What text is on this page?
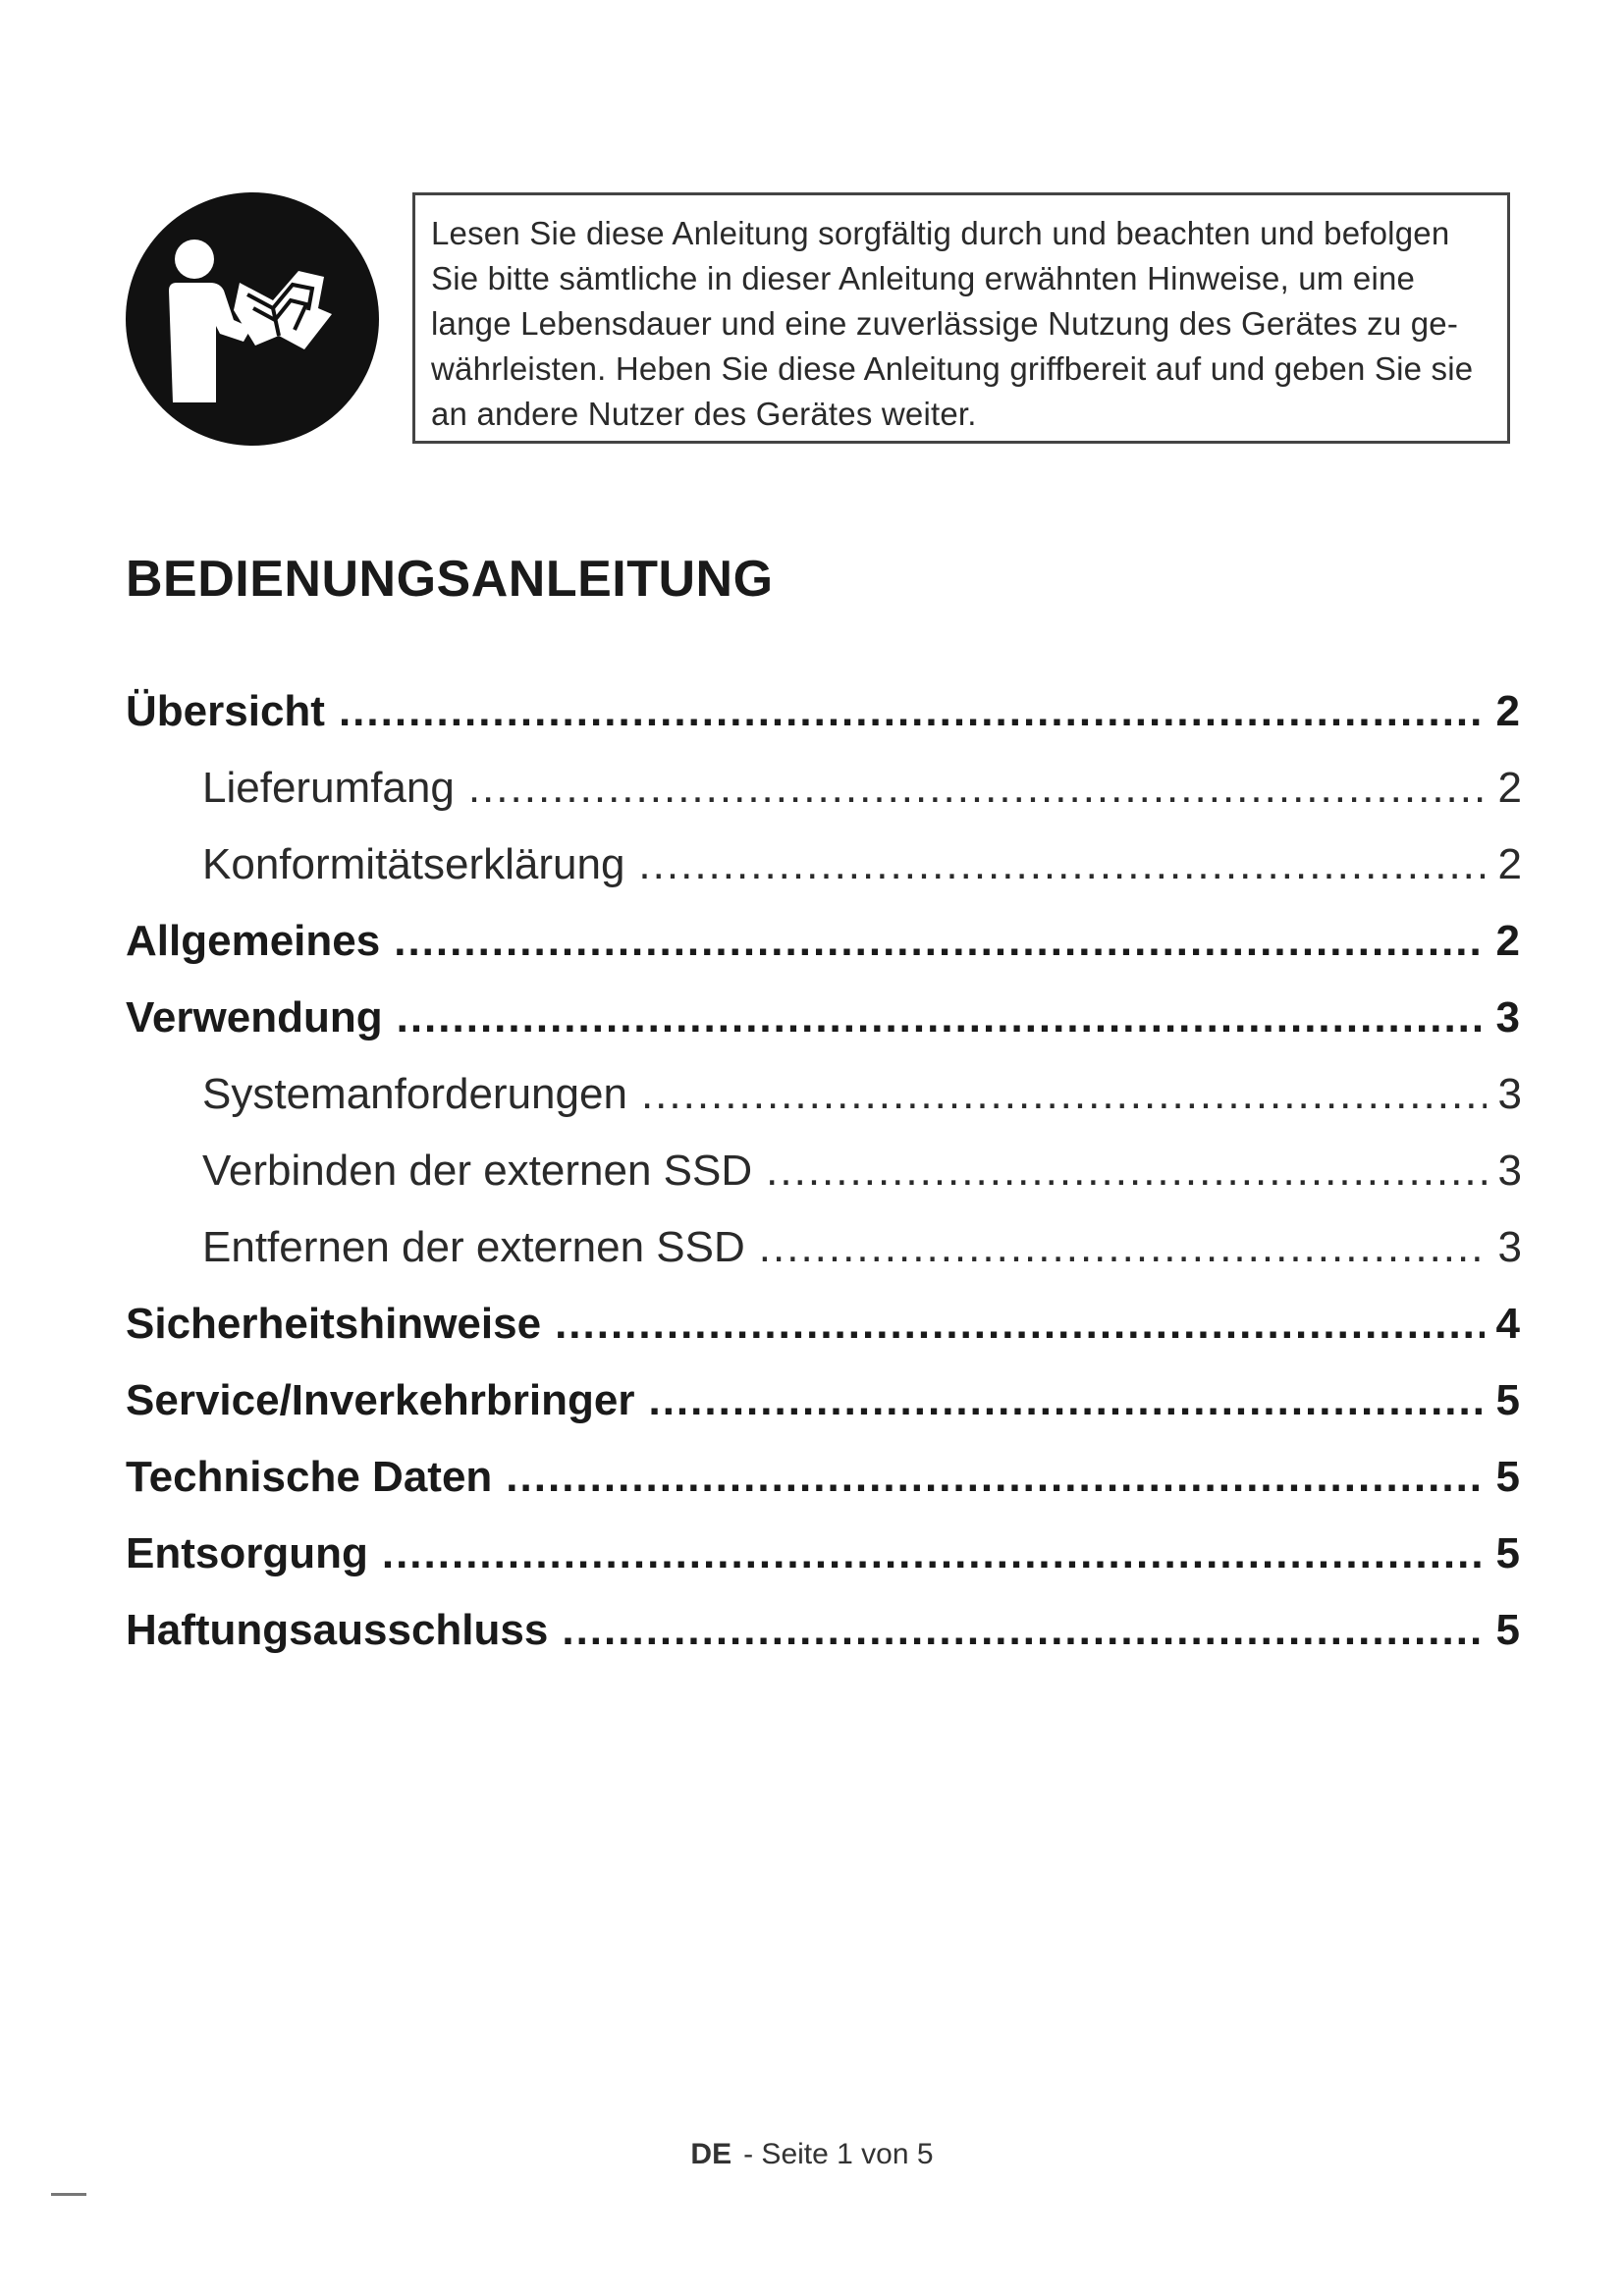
Lesen Sie diese Anleitung sorgfältig durch und beachten und befolgen
Sie bitte sämtliche in dieser Anleitung erwähnten Hinweise, um eine
lange Lebensdauer und eine zuverlässige Nutzung des Gerätes zu ge-
währleisten. Heben Sie diese Anleitung griffbereit auf und geben Sie sie
an andere Nutzer des Gerätes weiter.
BEDIENUNGSANLEITUNG
Übersicht .....	2
Lieferumfang .....	2
Konformitätserklärung .....	2
Allgemeines .....	2
Verwendung .....	3
Systemanforderungen .....	3
Verbinden der externen SSD .....	3
Entfernen der externen SSD .....	3
Sicherheitshinweise .....	4
Service/Inverkehrbringer .....	5
Technische Daten .....	5
Entsorgung .....	5
Haftungsausschluss .....	5
DE - Seite 1 von 5
